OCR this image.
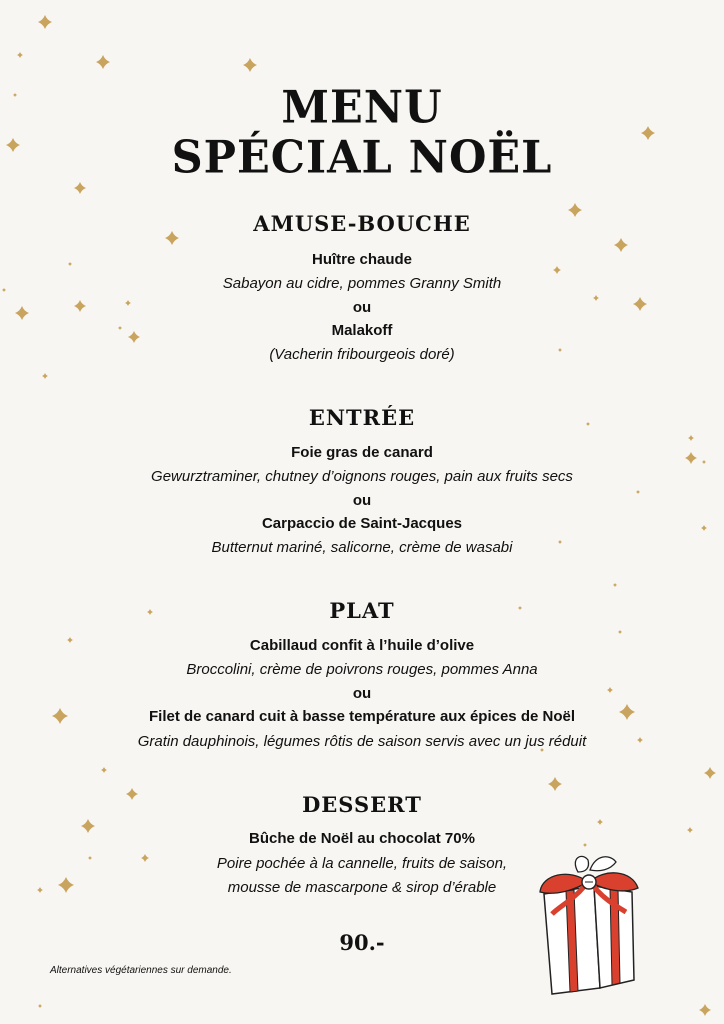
MENU
SPÉCIAL NOËL
AMUSE-BOUCHE
Huître chaude
Sabayon au cidre, pommes Granny Smith
ou
Malakoff
(Vacherin fribourgeois doré)
ENTRÉE
Foie gras de canard
Gewurztraminer, chutney d’oignons rouges, pain aux fruits secs
ou
Carpaccio de Saint-Jacques
Butternut mariné, salicorne, crème de wasabi
PLAT
Cabillaud confit à l’huile d’olive
Broccolini, crème de poivrons rouges, pommes Anna
ou
Filet de canard cuit à basse température aux épices de Noël
Gratin dauphinois, légumes rôtis de saison servis avec un jus réduit
DESSERT
Bûche de Noël au chocolat 70%
Poire pochée à la cannelle, fruits de saison,
mousse de mascarpone & sirop d’érable
90.-
Alternatives végétariennes sur demande.
